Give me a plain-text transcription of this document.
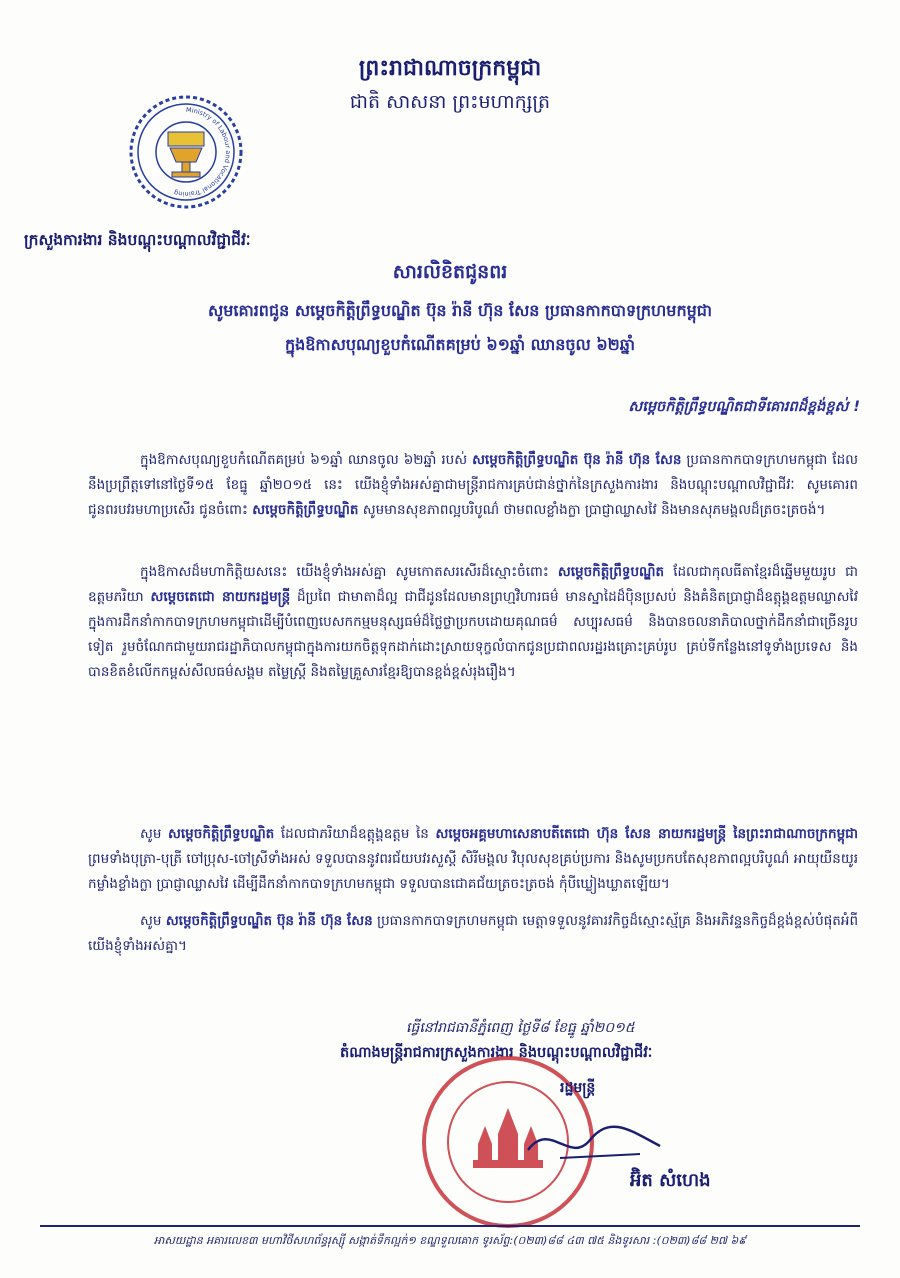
ព្រះរាជាណាចក្រកម្ពុជា
ជាតិ សាសនា ព្រះមហាក្សត្រ
Ministry of Labour and Vocational Training
ក្រសួងការងារ និងបណ្តុះបណ្តាលវិជ្ជាជីវៈ
សារលិខិតជូនពរ
សូមគោរពជូន សម្តេចកិត្តិព្រឹទ្ធបណ្ឌិត ប៊ុន រ៉ានី ហ៊ុន សែន ប្រធានកាកបាទក្រហមកម្ពុជា
ក្នុងឱកាសបុណ្យខួបកំណើតគម្រប់ ៦១ឆ្នាំ ឈានចូល ៦២ឆ្នាំ
សម្តេចកិត្តិព្រឹទ្ធបណ្ឌិតជាទីគោរពដ៏ខ្ពង់ខ្ពស់ !
ក្នុងឱកាសបុណ្យខួបកំណើតគម្រប់ ៦១ឆ្នាំ ឈានចូល ៦២ឆ្នាំ របស់ សម្តេចកិត្តិព្រឹទ្ធបណ្ឌិត ប៊ុន រ៉ានី ហ៊ុន សែន ប្រធានកាកបាទក្រហមកម្ពុជា ដែលនឹងប្រព្រឹត្តទៅនៅថ្ងៃទី១៥ ខែធ្នូ ឆ្នាំ២០១៥ នេះ យើងខ្ញុំទាំងអស់គ្នាជាមន្ត្រីរាជការគ្រប់ជាន់ថ្នាក់នៃក្រសួងការងារ និងបណ្តុះបណ្តាលវិជ្ជាជីវៈ សូមគោរពជូនពរបវរមហាប្រសើរ ជូនចំពោះ សម្តេចកិត្តិព្រឹទ្ធបណ្ឌិត សូមមានសុខភាពល្អបរិបូណ៌ ថាមពលខ្លាំងក្លា ប្រាជ្ញាឈ្លាសវៃ និងមានសុភមង្គលដ៏ត្រចះត្រចង់។
ក្នុងឱកាសដ៏មហាកិត្តិយសនេះ យើងខ្ញុំទាំងអស់គ្នា សូមកោតសរសើរដ៏ស្មោះចំពោះ សម្តេចកិត្តិព្រឹទ្ធបណ្ឌិត ដែលជាកុលធីតាខ្មែរដ៏ឆ្នើមមួយរូប ជាឧត្តមភរិយា សម្តេចតេជោ នាយករដ្ឋមន្ត្រី ដ៏ប្រពៃ ជាមាតាដ៏ល្អ ជាជីដូនដែលមានព្រហ្មវិហារធម៌ មានស្នាដៃដ៏ប៉ិនប្រសប់ និងគំនិតប្រាជ្ញាដ៏ឧត្តុង្គឧត្តមឈ្លាសវៃ ក្នុងការដឹកនាំកាកបាទក្រហមកម្ពុជាដើម្បីបំពេញបេសកកម្មមនុស្សធម៌ដ៏ថ្លៃថ្លាប្រកបដោយគុណធម៌ សប្បុរសធម៌ និងបានចលនាភិបាលថ្នាក់ដឹកនាំជាច្រើនរូបទៀត រួមចំណែកជាមួយរាជរដ្ឋាភិបាលកម្ពុជាក្នុងការយកចិត្តទុកដាក់ដោះស្រាយទុក្ខលំបាកជូនប្រជាពលរដ្ឋរងគ្រោះគ្រប់រូប គ្រប់ទីកន្លែងនៅទូទាំងប្រទេស និងបានខិតខំលើកកម្ពស់សីលធម៌សង្គម តម្លៃស្ត្រី និងតម្លៃគ្រួសារខ្មែរឱ្យបានខ្ពង់ខ្ពស់រុងរឿង។
សូម សម្តេចកិត្តិព្រឹទ្ធបណ្ឌិត ដែលជាភរិយាដ៏ឧត្តុង្គឧត្តម នៃ សម្តេចអគ្គមហាសេនាបតីតេជោ ហ៊ុន សែន នាយករដ្ឋមន្ត្រី នៃព្រះរាជាណាចក្រកម្ពុជា ព្រមទាំងបុត្រា-បុត្រី ចៅប្រុស-ចៅស្រីទាំងអស់ ទទួលបាននូវពរជ័យបវរសួស្តី សិរីមង្គល វិបុលសុខគ្រប់ប្រការ និងសូមប្រកបតែសុខភាពល្អបរិបូណ៌ អាយុយឺនយូរ កម្លាំងខ្លាំងក្លា ប្រាជ្ញាឈ្លាសវៃ ដើម្បីដឹកនាំកាកបាទក្រហមកម្ពុជា ទទួលបានជោគជ័យត្រចះត្រចង់ កុំបីឃ្លៀងឃ្លាតឡើយ។
សូម សម្តេចកិត្តិព្រឹទ្ធបណ្ឌិត ប៊ុន រ៉ានី ហ៊ុន សែន ប្រធានកាកបាទក្រហមកម្ពុជា មេត្តាទទួលនូវគារវកិច្ចដ៏ស្មោះស្ម័គ្រ និងអភិវន្ទនកិច្ចដ៏ខ្ពង់ខ្ពស់បំផុតអំពីយើងខ្ញុំទាំងអស់គ្នា។
ធ្វើនៅរាជធានីភ្នំពេញ ថ្ងៃទី៨ ខែធ្នូ ឆ្នាំ២០១៥
តំណាងមន្ត្រីរាជការក្រសួងការងារ និងបណ្តុះបណ្តាលវិជ្ជាជីវៈ
រដ្ឋមន្ត្រី
អ៊ិត សំហេង
អាសយដ្ឋាន អគារលេខ៣ មហាវិថីសហព័ន្ធរុស្ស៊ី សង្កាត់ទឹកល្អក់១ ខណ្ឌទួលគោក ទូរស័ព្ទ:(០២៣)៨៨ ៤៣ ៧៥ និងទូរសារ :(០២៣)៨៨ ២៧ ៦៩
